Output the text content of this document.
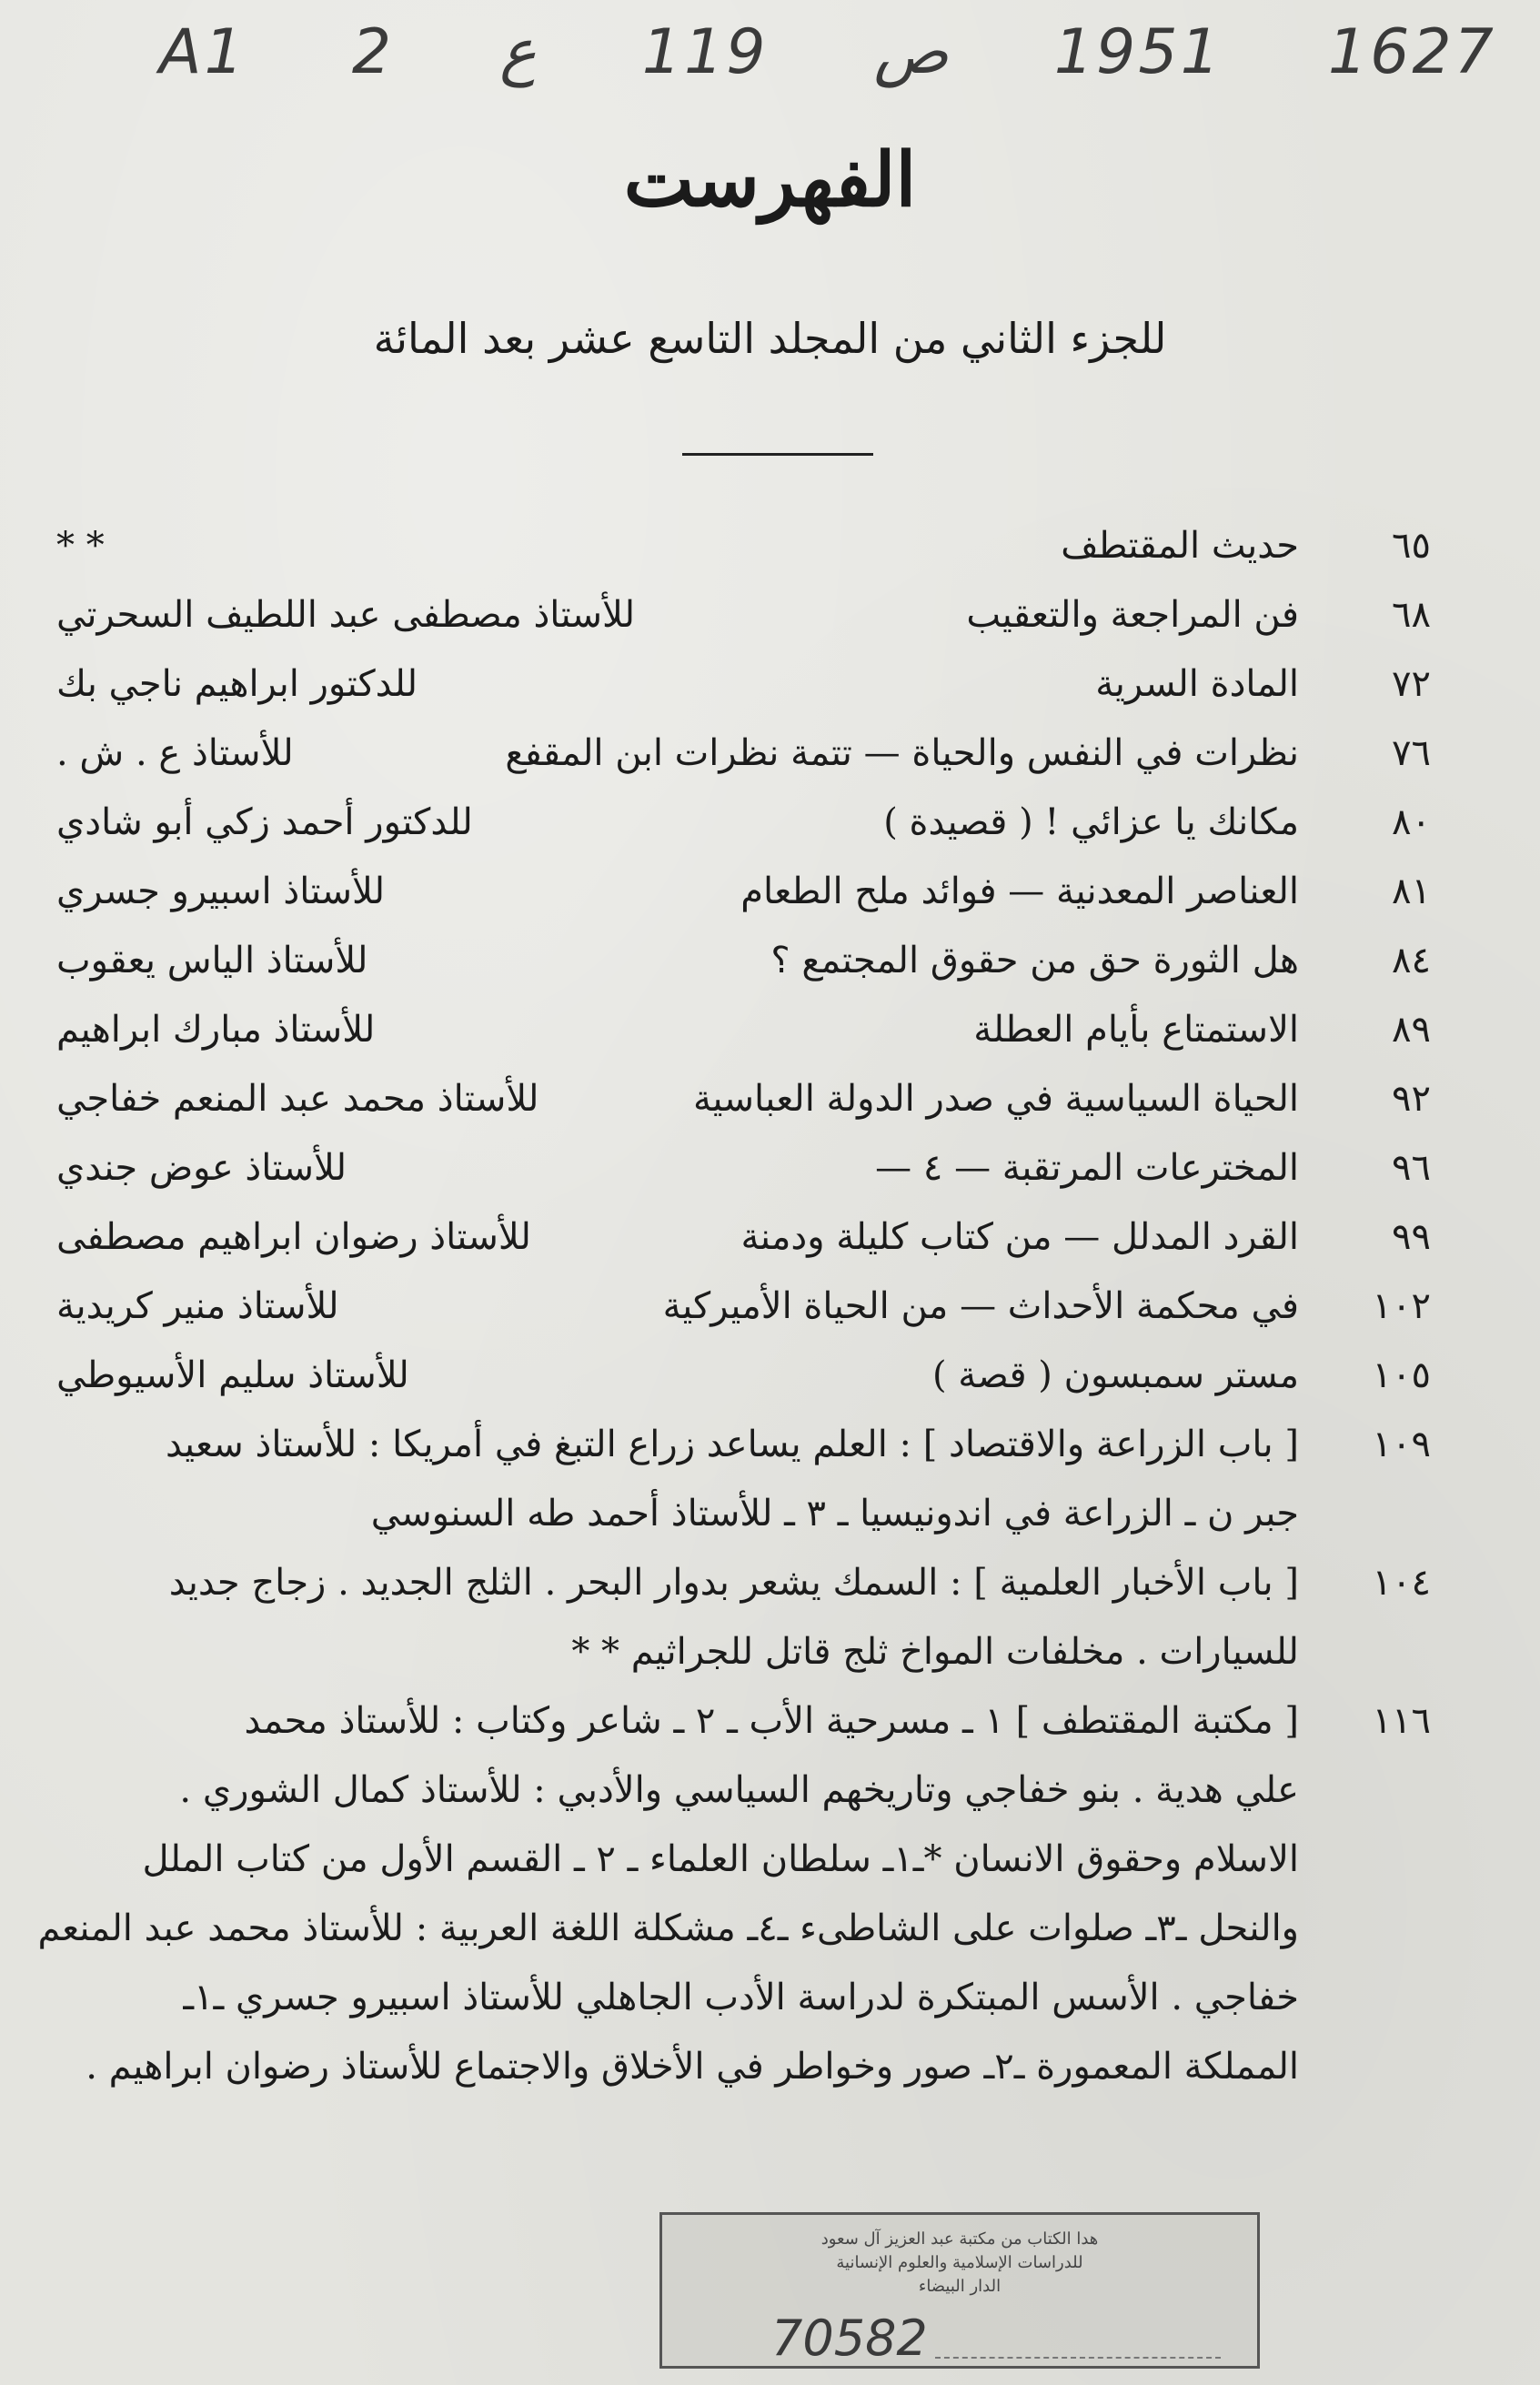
A1 2 ع 119 ص 1951 1627
الفهرست
للجزء الثاني من المجلد التاسع عشر بعد المائة
٦٥
حديث المقتطف
* *
٦٨
فن المراجعة والتعقيب
للأستاذ مصطفى عبد اللطيف السحرتي
٧٢
المادة السرية
للدكتور ابراهيم ناجي بك
٧٦
نظرات في النفس والحياة — تتمة نظرات ابن المقفع
للأستاذ ع . ش .
٨٠
مكانك يا عزائي ! ( قصيدة )
للدكتور أحمد زكي أبو شادي
٨١
العناصر المعدنية — فوائد ملح الطعام
للأستاذ اسبيرو جسري
٨٤
هل الثورة حق من حقوق المجتمع ؟
للأستاذ الياس يعقوب
٨٩
الاستمتاع بأيام العطلة
للأستاذ مبارك ابراهيم
٩٢
الحياة السياسية في صدر الدولة العباسية
للأستاذ محمد عبد المنعم خفاجي
٩٦
المخترعات المرتقبة — ٤ —
للأستاذ عوض جندي
٩٩
القرد المدلل — من كتاب كليلة ودمنة
للأستاذ رضوان ابراهيم مصطفى
١٠٢
في محكمة الأحداث — من الحياة الأميركية
للأستاذ منير كريدية
١٠٥
مستر سمبسون ( قصة )
للأستاذ سليم الأسيوطي
١٠٩
[ باب الزراعة والاقتصاد ] : العلم يساعد زراع التبغ في أمريكا : للأستاذ سعيد
جبر ن ـ الزراعة في اندونيسيا ـ ٣ ـ للأستاذ أحمد طه السنوسي
١٠٤
[ باب الأخبار العلمية ] : السمك يشعر بدوار البحر . الثلج الجديد . زجاج جديد
للسيارات . مخلفات المواخ ثلج قاتل للجراثيم * *
١١٦
[ مكتبة المقتطف ] ١ ـ مسرحية الأب ـ ٢ ـ شاعر وكتاب : للأستاذ محمد
علي هدية . بنو خفاجي وتاريخهم السياسي والأدبي : للأستاذ كمال الشوري .
الاسلام وحقوق الانسان *ـ١ـ سلطان العلماء ـ ٢ ـ القسم الأول من كتاب الملل
والنحل ـ٣ـ صلوات على الشاطىء ـ٤ـ مشكلة اللغة العربية : للأستاذ محمد عبد المنعم
خفاجي . الأسس المبتكرة لدراسة الأدب الجاهلي للأستاذ اسبيرو جسري ـ١ـ
المملكة المعمورة ـ٢ـ صور وخواطر في الأخلاق والاجتماع للأستاذ رضوان ابراهيم .
هدا الكتاب من مكتبة عبد العزيز آل سعود
للدراسات الإسلامية والعلوم الإنسانية
الدار البيضاء
70582
